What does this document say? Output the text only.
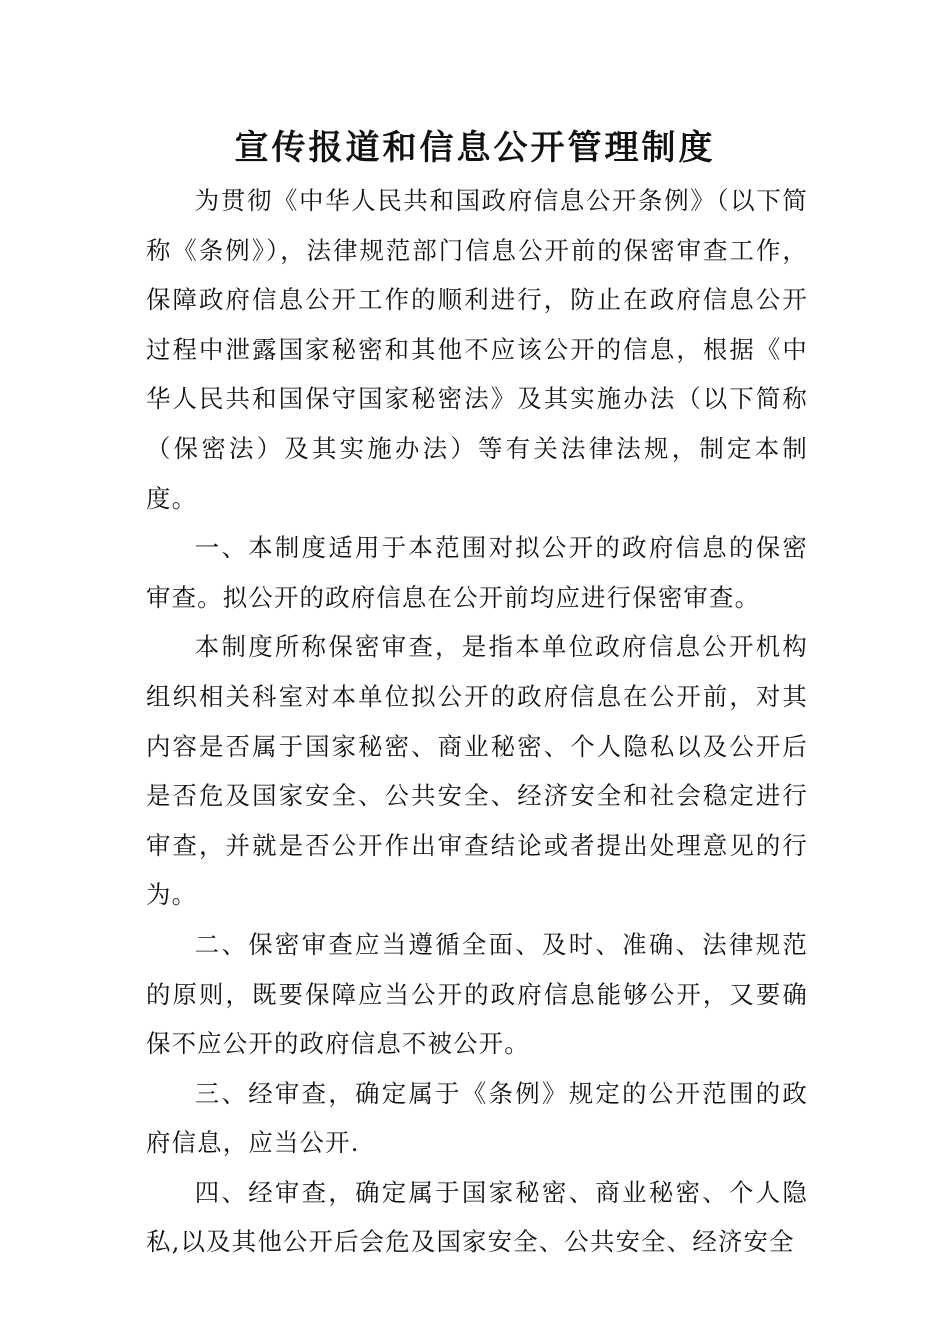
宣传报道和信息公开管理制度

为贯彻《中华人民共和国政府信息公开条例》（以下简称《条例》），法律规范部门信息公开前的保密审查工作，保障政府信息公开工作的顺利进行，防止在政府信息公开过程中泄露国家秘密和其他不应该公开的信息，根据《中华人民共和国保守国家秘密法》及其实施办法（以下简称（保密法）及其实施办法）等有关法律法规，制定本制度。

一、本制度适用于本范围对拟公开的政府信息的保密审查。拟公开的政府信息在公开前均应进行保密审查。

本制度所称保密审查，是指本单位政府信息公开机构组织相关科室对本单位拟公开的政府信息在公开前，对其内容是否属于国家秘密、商业秘密、个人隐私以及公开后是否危及国家安全、公共安全、经济安全和社会稳定进行审查，并就是否公开作出审查结论或者提出处理意见的行为。

二、保密审查应当遵循全面、及时、准确、法律规范的原则，既要保障应当公开的政府信息能够公开，又要确保不应公开的政府信息不被公开。

三、经审查，确定属于《条例》规定的公开范围的政府信息，应当公开.

四、经审查，确定属于国家秘密、商业秘密、个人隐私,以及其他公开后会危及国家安全、公共安全、经济安全
